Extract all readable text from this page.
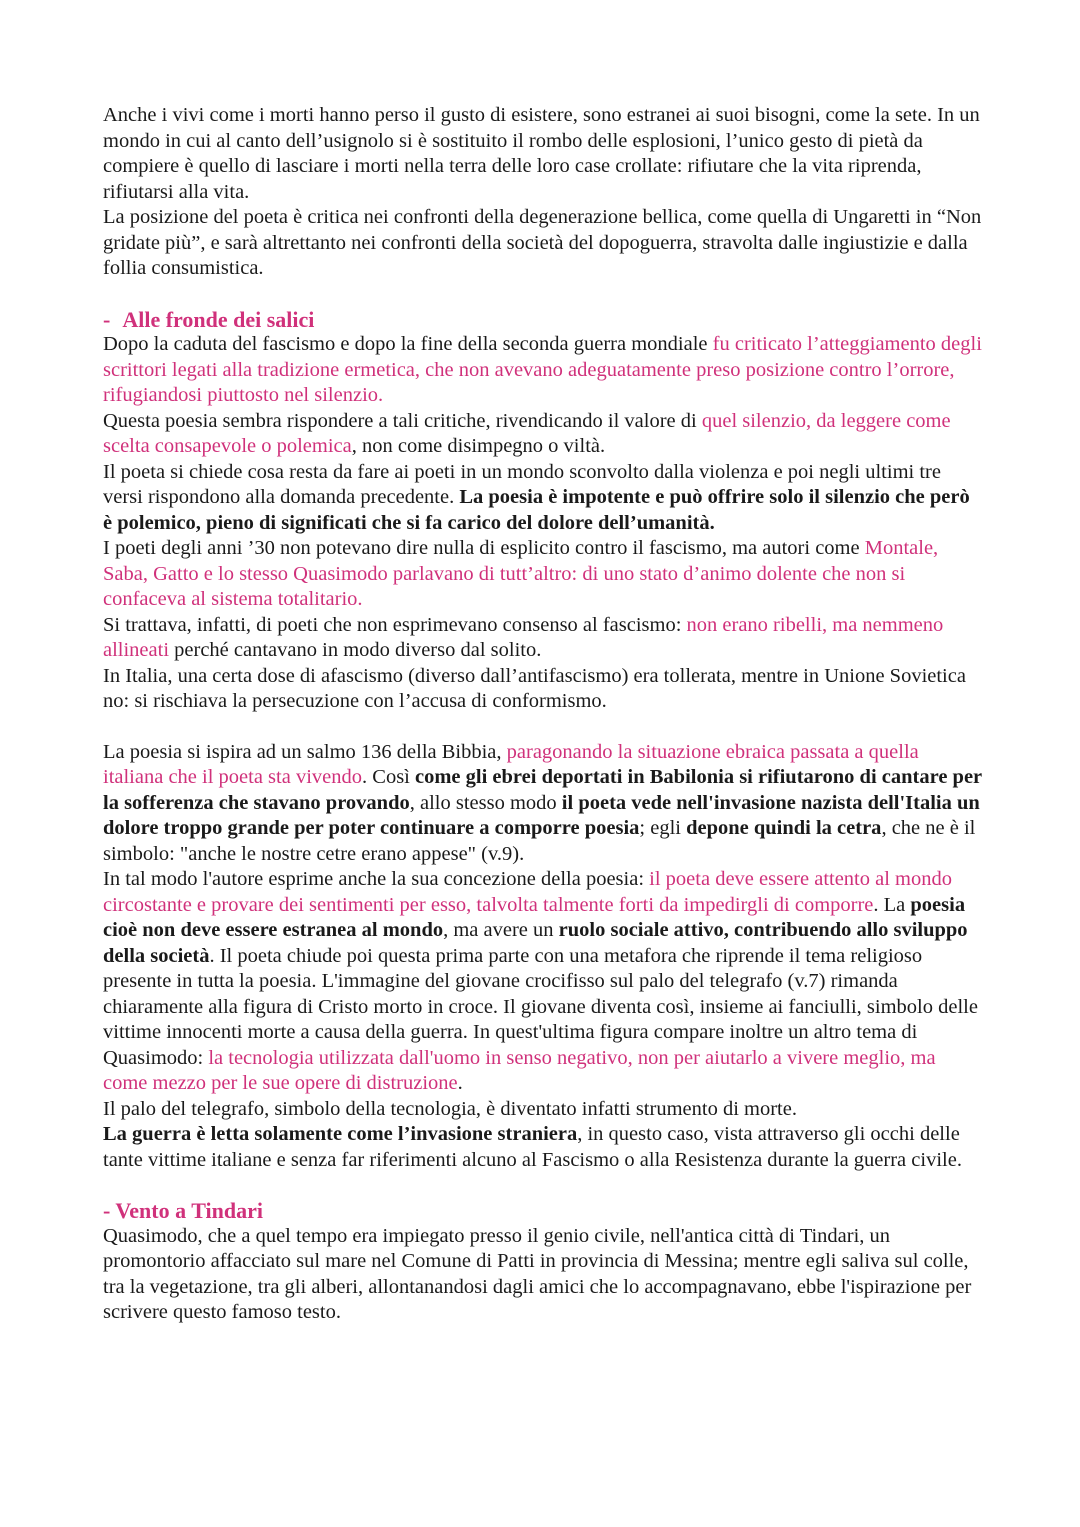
Anche i vivi come i morti hanno perso il gusto di esistere, sono estranei ai suoi bisogni, come la sete. In un mondo in cui al canto dell’usignolo si è sostituito il rombo delle esplosioni, l’unico gesto di pietà da compiere è quello di lasciare i morti nella terra delle loro case crollate: rifiutare che la vita riprenda, rifiutarsi alla vita.

La posizione del poeta è critica nei confronti della degenerazione bellica, come quella di Ungaretti in “Non gridate più”, e sarà altrettanto nei confronti della società del dopoguerra, stravolta dalle ingiustizie e dalla follia consumistica.

- Alle fronde dei salici

Dopo la caduta del fascismo e dopo la fine della seconda guerra mondiale fu criticato l’atteggiamento degli scrittori legati alla tradizione ermetica, che non avevano adeguatamente preso posizione contro l’orrore, rifugiandosi piuttosto nel silenzio.

Questa poesia sembra rispondere a tali critiche, rivendicando il valore di quel silenzio, da leggere come scelta consapevole o polemica, non come disimpegno o viltà.

Il poeta si chiede cosa resta da fare ai poeti in un mondo sconvolto dalla violenza e poi negli ultimi tre versi rispondono alla domanda precedente. La poesia è impotente e può offrire solo il silenzio che però è polemico, pieno di significati che si fa carico del dolore dell’umanità.

I poeti degli anni ’30 non potevano dire nulla di esplicito contro il fascismo, ma autori come Montale, Saba, Gatto e lo stesso Quasimodo parlavano di tutt’altro: di uno stato d’animo dolente che non si confaceva al sistema totalitario.

Si trattava, infatti, di poeti che non esprimevano consenso al fascismo: non erano ribelli, ma nemmeno allineati perché cantavano in modo diverso dal solito.

In Italia, una certa dose di afascismo (diverso dall’antifascismo) era tollerata, mentre in Unione Sovietica no: si rischiava la persecuzione con l’accusa di conformismo.

La poesia si ispira ad un salmo 136 della Bibbia, paragonando la situazione ebraica passata a quella italiana che il poeta sta vivendo. Così come gli ebrei deportati in Babilonia si rifiutarono di cantare per la sofferenza che stavano provando, allo stesso modo il poeta vede nell'invasione nazista dell'Italia un dolore troppo grande per poter continuare a comporre poesia; egli depone quindi la cetra, che ne è il simbolo: "anche le nostre cetre erano appese" (v.9).

In tal modo l'autore esprime anche la sua concezione della poesia: il poeta deve essere attento al mondo circostante e provare dei sentimenti per esso, talvolta talmente forti da impedirgli di comporre. La poesia cioè non deve essere estranea al mondo, ma avere un ruolo sociale attivo, contribuendo allo sviluppo della società. Il poeta chiude poi questa prima parte con una metafora che riprende il tema religioso presente in tutta la poesia. L'immagine del giovane crocifisso sul palo del telegrafo (v.7) rimanda chiaramente alla figura di Cristo morto in croce. Il giovane diventa così, insieme ai fanciulli, simbolo delle vittime innocenti morte a causa della guerra. In quest'ultima figura compare inoltre un altro tema di Quasimodo: la tecnologia utilizzata dall'uomo in senso negativo, non per aiutarlo a vivere meglio, ma come mezzo per le sue opere di distruzione.

Il palo del telegrafo, simbolo della tecnologia, è diventato infatti strumento di morte.

La guerra è letta solamente come l’invasione straniera, in questo caso, vista attraverso gli occhi delle tante vittime italiane e senza far riferimenti alcuno al Fascismo o alla Resistenza durante la guerra civile.

- Vento a Tindari

Quasimodo, che a quel tempo era impiegato presso il genio civile, nell'antica città di Tindari, un promontorio affacciato sul mare nel Comune di Patti in provincia di Messina; mentre egli saliva sul colle, tra la vegetazione, tra gli alberi, allontanandosi dagli amici che lo accompagnavano, ebbe l'ispirazione per scrivere questo famoso testo.
